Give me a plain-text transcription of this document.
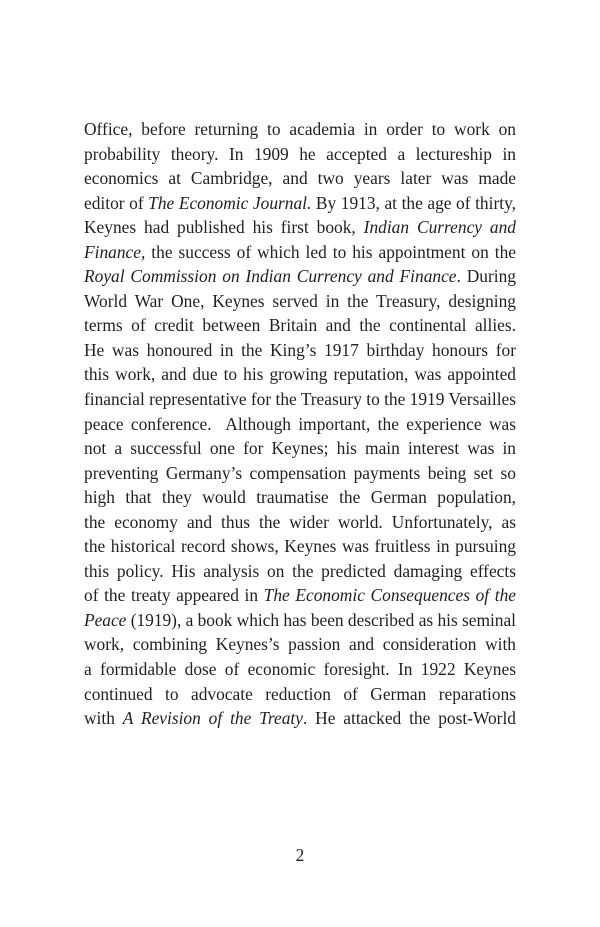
Office, before returning to academia in order to work on
probability theory. In 1909 he accepted a lectureship in
economics at Cambridge, and two years later was made
editor of The Economic Journal. By 1913, at the age of thirty,
Keynes had published his first book, Indian Currency and
Finance, the success of which led to his appointment on the
Royal Commission on Indian Currency and Finance. During
World War One, Keynes served in the Treasury, designing
terms of credit between Britain and the continental allies.
He was honoured in the King’s 1917 birthday honours for
this work, and due to his growing reputation, was appointed
financial representative for the Treasury to the 1919 Versailles
peace conference.  Although important, the experience was
not a successful one for Keynes; his main interest was in
preventing Germany’s compensation payments being set so
high that they would traumatise the German population,
the economy and thus the wider world. Unfortunately, as
the historical record shows, Keynes was fruitless in pursuing
this policy. His analysis on the predicted damaging effects
of the treaty appeared in The Economic Consequences of the
Peace (1919), a book which has been described as his seminal
work, combining Keynes’s passion and consideration with
a formidable dose of economic foresight. In 1922 Keynes
continued to advocate reduction of German reparations
with A Revision of the Treaty. He attacked the post-World
2
